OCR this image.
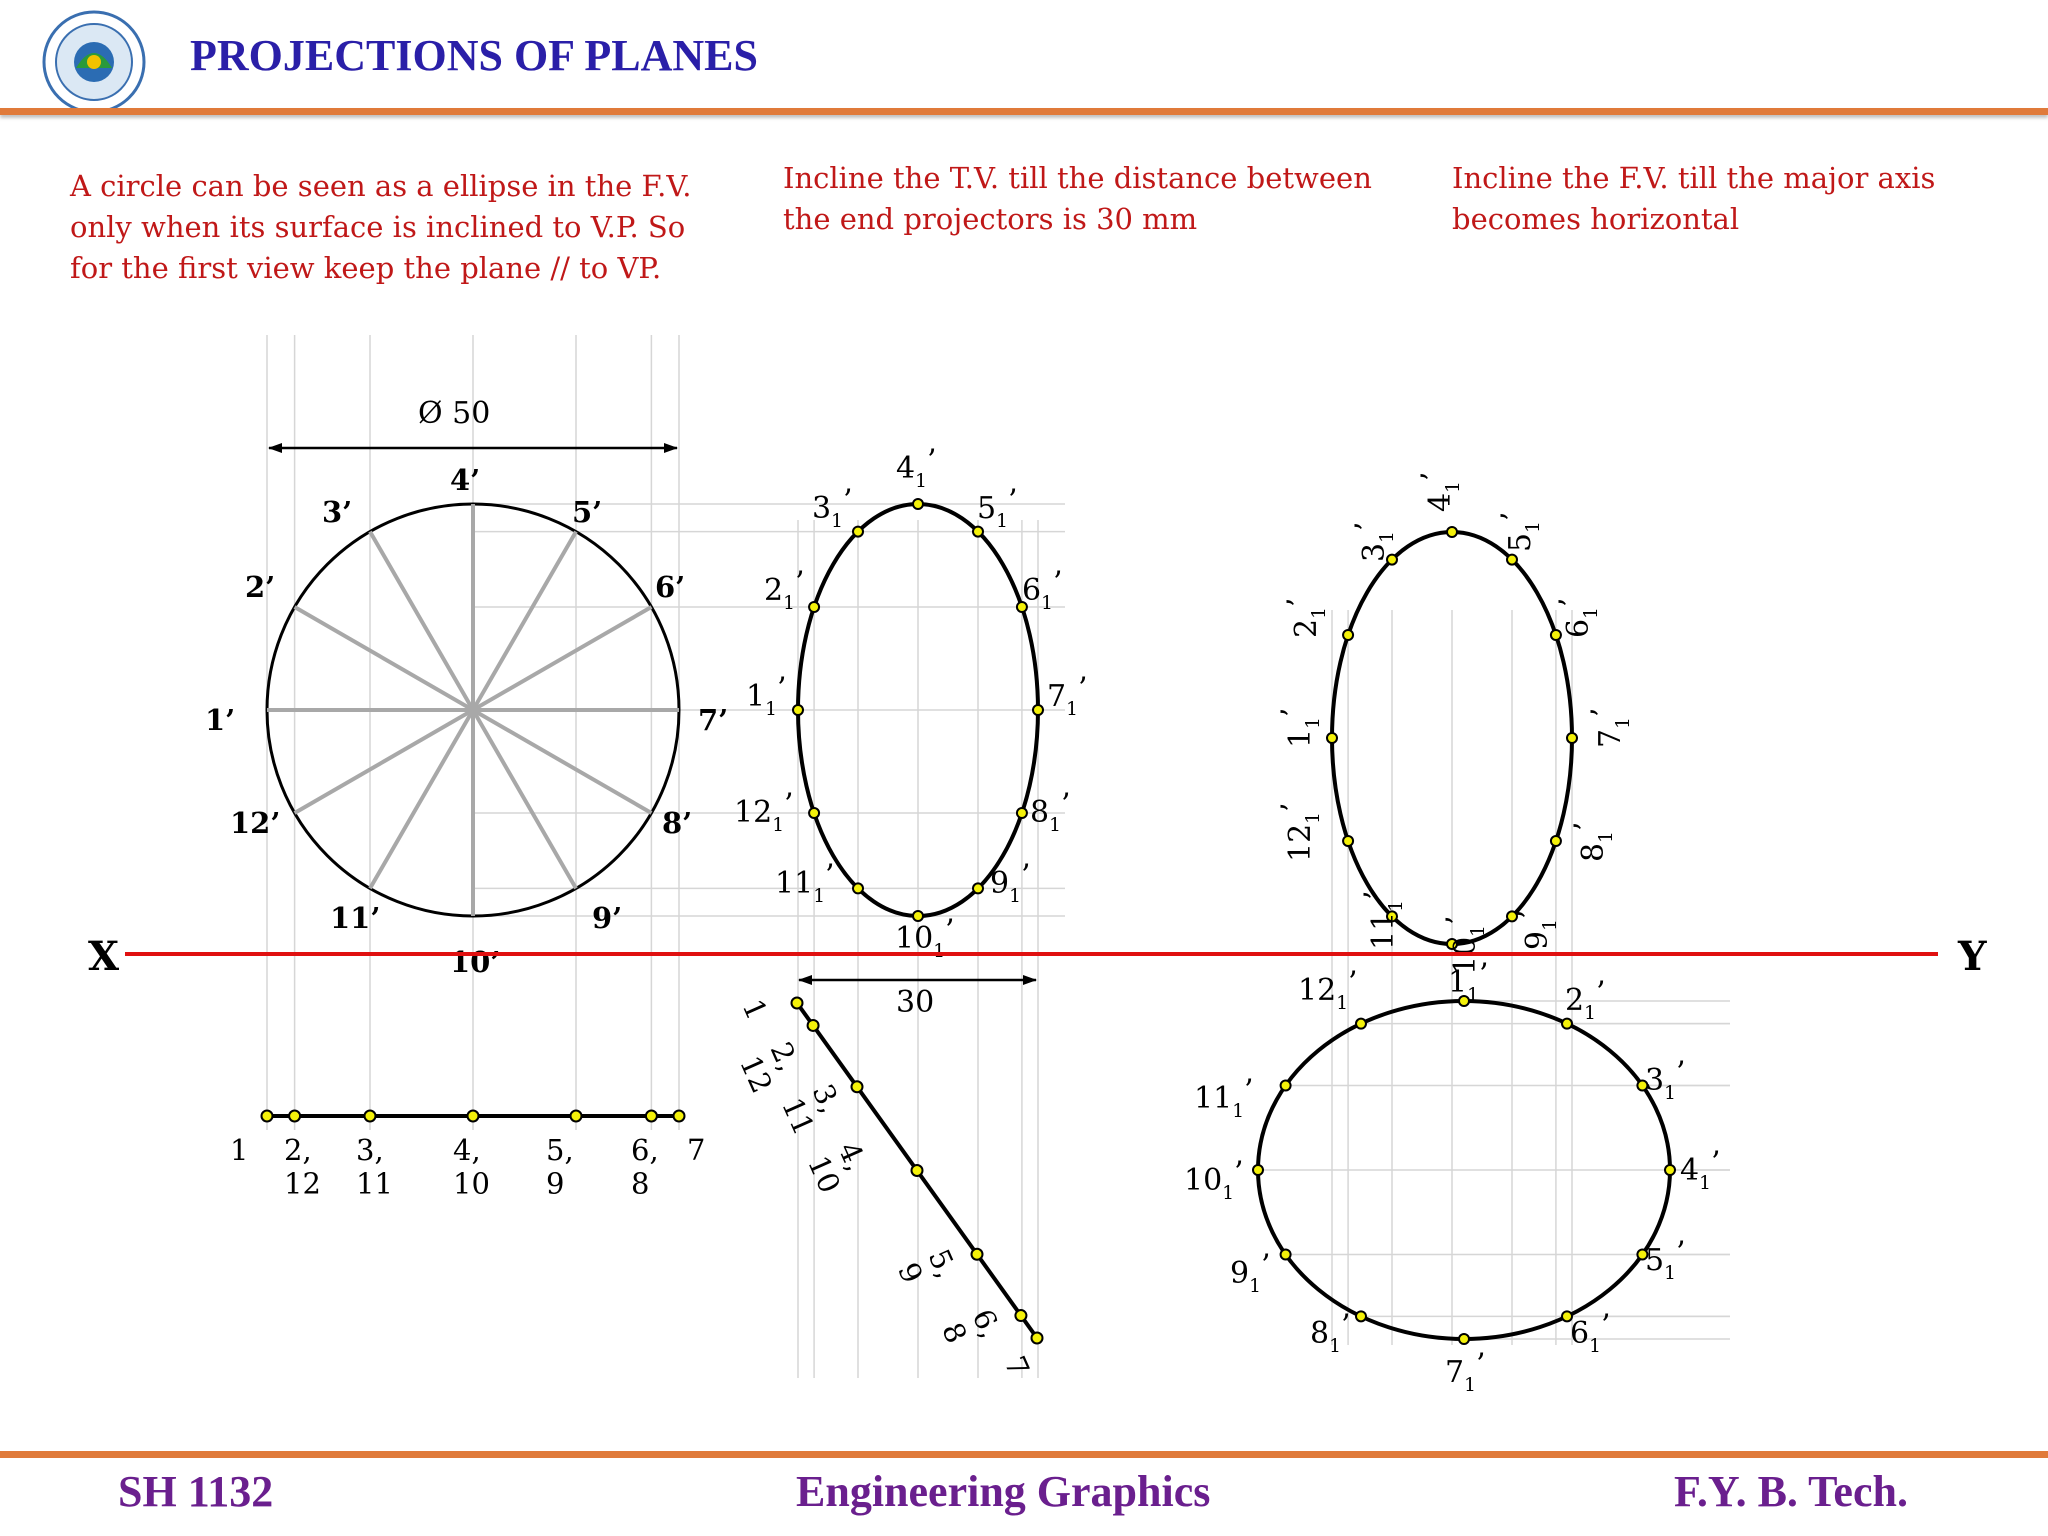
PROJECTIONS OF PLANES
A circle can be seen as a ellipse in the F.V.
only when its surface is inclined to V.P. So
for the first view keep the plane // to VP.
Incline the T.V. till the distance between
the end projectors is 30 mm
Incline the F.V. till the major axis
becomes horizontal
Ø 50
1’
2’
3’
4’
5’
6’
7’
8’
9’
10’
11’
12’
1 2, 12
3, 11
4, 10
5, 9
6, 8
7
$1_1$’
$2_1$’
$3_1$’
$4_1$’
$5_1$’
$6_1$’
$7_1$’
$8_1$’
$9_1$’
$10_1$’
$11_1$’
$12_1$’
1
2,12
3,11
4,10
5,9
6,8
7
30
$1_1$’
$2_1$’
$3_1$’
$4_1$’
$5_1$’
$6_1$’
$7_1$’
$8_1$’
$9_1$’
$10_1$’
$11_1$’
$12_1$’
$1_1$’
$2_1$’
$3_1$’
$4_1$’
$5_1$’
$6_1$’
$7_1$’
$8_1$’
$9_1$’
$10_1$’
$11_1$’
$12_1$’
X	Y
SH 1132	Engineering Graphics	F.Y. B. Tech.
